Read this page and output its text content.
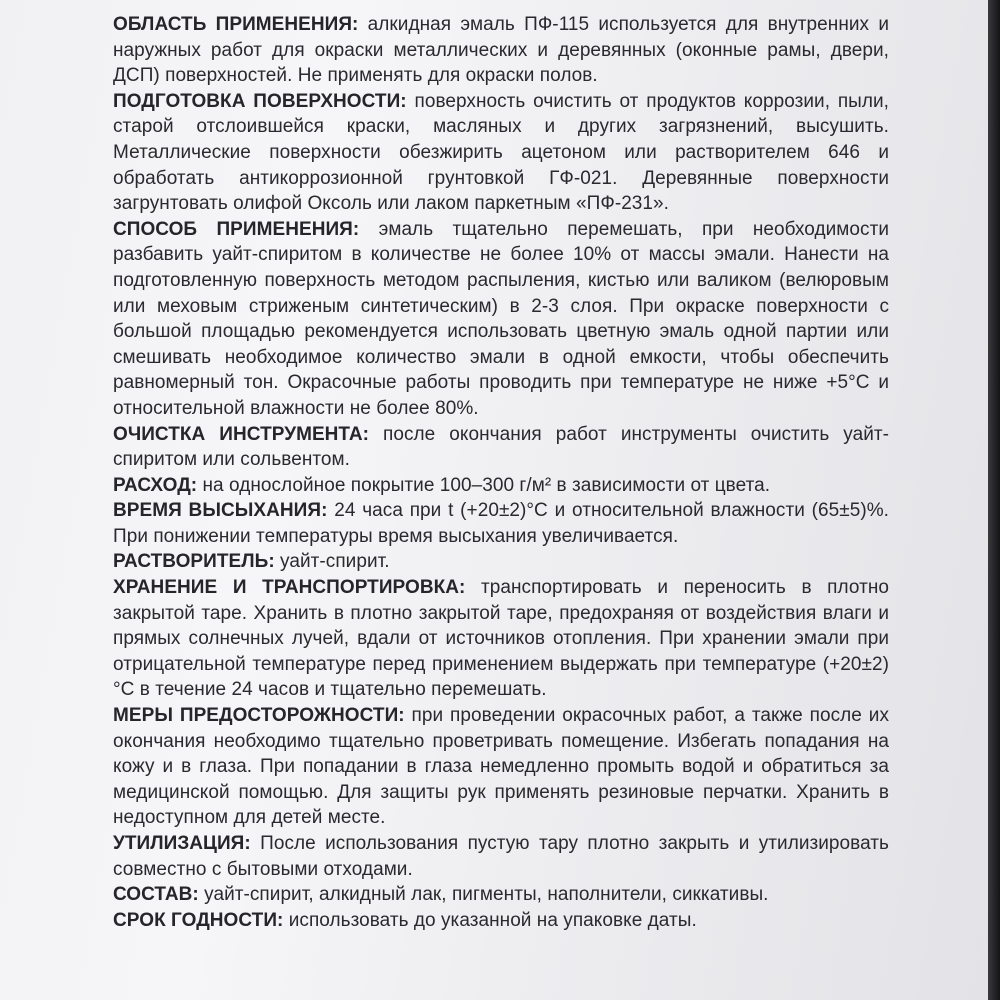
ОБЛАСТЬ ПРИМЕНЕНИЯ: алкидная эмаль ПФ-115 используется для внутренних и наружных работ для окраски металлических и деревянных (оконные рамы, двери, ДСП) поверхностей. Не применять для окраски полов.

ПОДГОТОВКА ПОВЕРХНОСТИ: поверхность очистить от продуктов коррозии, пыли, старой отслоившейся краски, масляных и других загрязнений, высушить. Металлические поверхности обезжирить ацетоном или растворителем 646 и обработать антикоррозионной грунтовкой ГФ-021. Деревянные поверхности загрунтовать олифой Оксоль или лаком паркетным «ПФ-231».

СПОСОБ ПРИМЕНЕНИЯ: эмаль тщательно перемешать, при необходимости разбавить уайт-спиритом в количестве не более 10% от массы эмали. Нанести на подготовленную поверхность методом распыления, кистью или валиком (велюровым или меховым стриженым синтетическим) в 2-3 слоя. При окраске поверхности с большой площадью рекомендуется использовать цветную эмаль одной партии или смешивать необходимое количество эмали в одной емкости, чтобы обеспечить равномерный тон. Окрасочные работы проводить при температуре не ниже +5°С и относительной влажности не более 80%.

ОЧИСТКА ИНСТРУМЕНТА: после окончания работ инструменты очистить уайт-спиритом или сольвентом.

РАСХОД: на однослойное покрытие 100–300 г/м² в зависимости от цвета.

ВРЕМЯ ВЫСЫХАНИЯ: 24 часа при t (+20±2)°С и относительной влажности (65±5)%. При понижении температуры время высыхания увеличивается.

РАСТВОРИТЕЛЬ: уайт-спирит.

ХРАНЕНИЕ И ТРАНСПОРТИРОВКА: транспортировать и переносить в плотно закрытой таре. Хранить в плотно закрытой таре, предохраняя от воздействия влаги и прямых солнечных лучей, вдали от источников отопления. При хранении эмали при отрицательной температуре перед применением выдержать при температуре (+20±2)°С в течение 24 часов и тщательно перемешать.

МЕРЫ ПРЕДОСТОРОЖНОСТИ: при проведении окрасочных работ, а также после их окончания необходимо тщательно проветривать помещение. Избегать попадания на кожу и в глаза. При попадании в глаза немедленно промыть водой и обратиться за медицинской помощью. Для защиты рук применять резиновые перчатки. Хранить в недоступном для детей месте.

УТИЛИЗАЦИЯ: После использования пустую тару плотно закрыть и утилизировать совместно с бытовыми отходами.

СОСТАВ: уайт-спирит, алкидный лак, пигменты, наполнители, сиккативы.

СРОК ГОДНОСТИ: использовать до указанной на упаковке даты.
